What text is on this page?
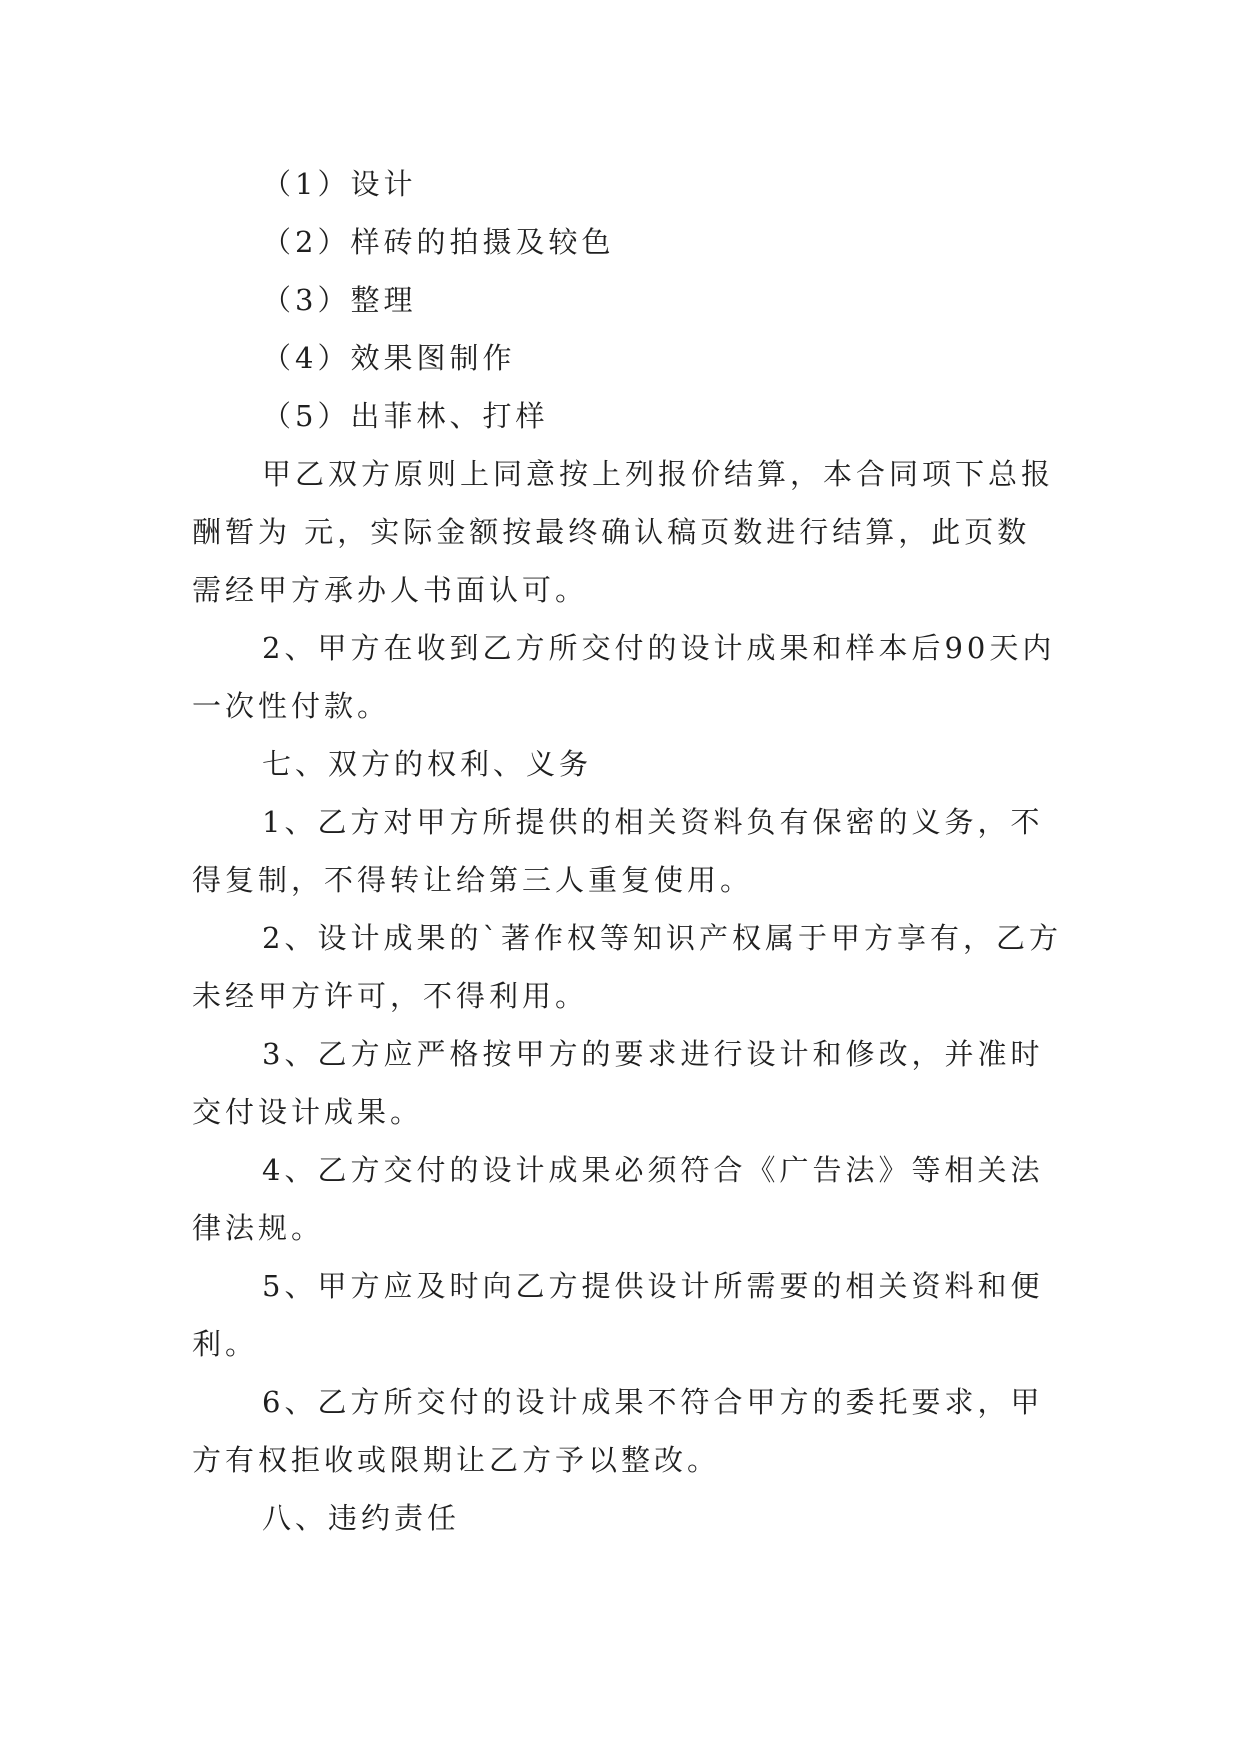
（1）设计
（2）样砖的拍摄及较色
（3）整理
（4）效果图制作
（5）出菲林、打样
甲乙双方原则上同意按上列报价结算，本合同项下总报
酬暂为 元，实际金额按最终确认稿页数进行结算，此页数
需经甲方承办人书面认可。
2、甲方在收到乙方所交付的设计成果和样本后90天内
一次性付款。
七、双方的权利、义务
1、乙方对甲方所提供的相关资料负有保密的义务，不
得复制，不得转让给第三人重复使用。
2、设计成果的`著作权等知识产权属于甲方享有，乙方
未经甲方许可，不得利用。
3、乙方应严格按甲方的要求进行设计和修改，并准时
交付设计成果。
4、乙方交付的设计成果必须符合《广告法》等相关法
律法规。
5、甲方应及时向乙方提供设计所需要的相关资料和便
利。
6、乙方所交付的设计成果不符合甲方的委托要求，甲
方有权拒收或限期让乙方予以整改。
八、违约责任
